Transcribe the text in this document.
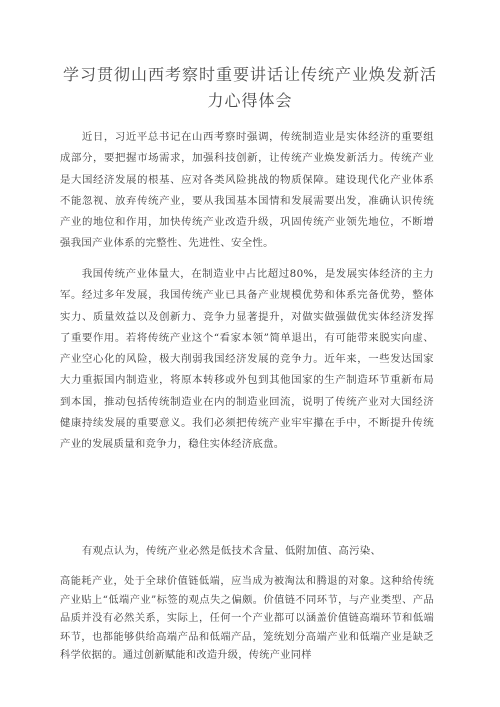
学习贯彻山西考察时重要讲话让传统产业焕发新活力心得体会

近日，习近平总书记在山西考察时强调，传统制造业是实体经济的重要组成部分，要把握市场需求，加强科技创新，让传统产业焕发新活力。传统产业是大国经济发展的根基、应对各类风险挑战的物质保障。建设现代化产业体系不能忽视、放弃传统产业，要从我国基本国情和发展需要出发，准确认识传统产业的地位和作用，加快传统产业改造升级，巩固传统产业领先地位，不断增强我国产业体系的完整性、先进性、安全性。

我国传统产业体量大，在制造业中占比超过80%，是发展实体经济的主力军。经过多年发展，我国传统产业已具备产业规模优势和体系完备优势，整体实力、质量效益以及创新力、竞争力显著提升，对做实做强做优实体经济发挥了重要作用。若将传统产业这个“看家本领”简单退出，有可能带来脱实向虚、产业空心化的风险，极大削弱我国经济发展的竞争力。近年来，一些发达国家大力重振国内制造业，将原本转移或外包到其他国家的生产制造环节重新布局到本国，推动包括传统制造业在内的制造业回流，说明了传统产业对大国经济健康持续发展的重要意义。我们必须把传统产业牢牢攥在手中，不断提升传统产业的发展质量和竞争力，稳住实体经济底盘。

有观点认为，传统产业必然是低技术含量、低附加值、高污染、

高能耗产业，处于全球价值链低端，应当成为被淘汰和腾退的对象。这种给传统产业贴上“低端产业”标签的观点失之偏颇。价值链不同环节，与产业类型、产品品质并没有必然关系，实际上，任何一个产业都可以涵盖价值链高端环节和低端环节，也都能够供给高端产品和低端产品，笼统划分高端产业和低端产业是缺乏科学依据的。通过创新赋能和改造升级，传统产业同样
